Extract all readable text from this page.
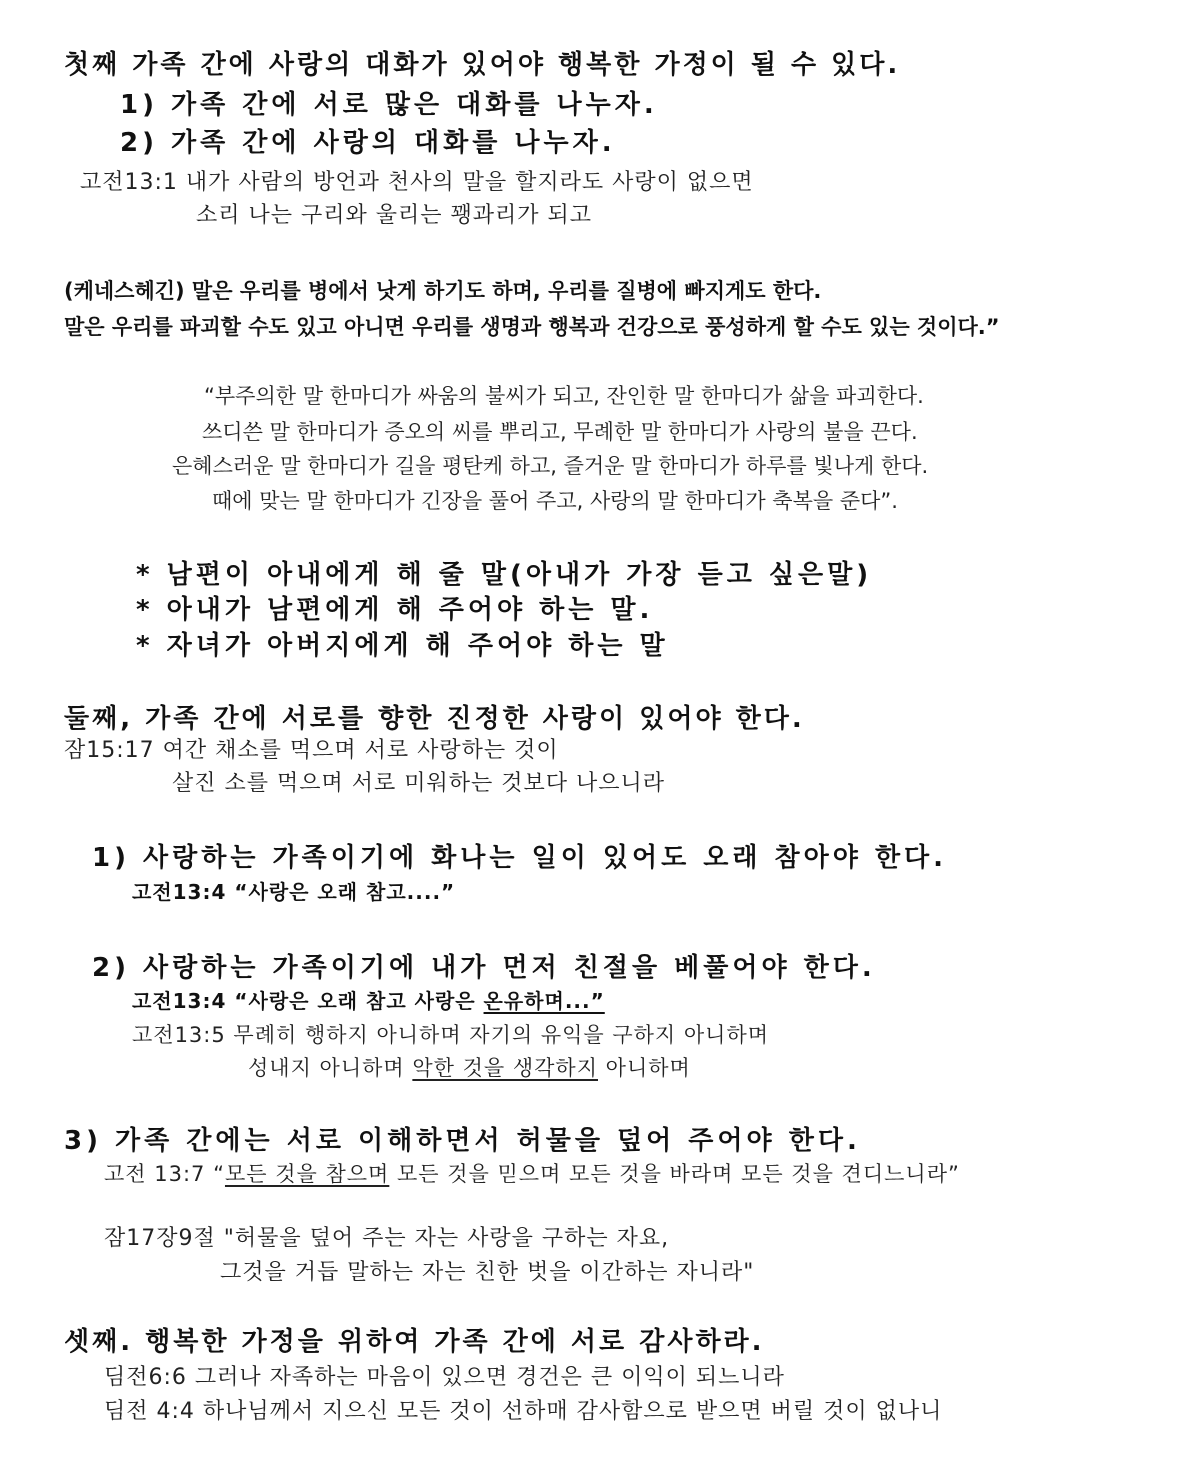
첫째 가족 간에 사랑의 대화가 있어야 행복한 가정이 될 수 있다.
1) 가족 간에 서로 많은 대화를 나누자.
2) 가족 간에 사랑의 대화를 나누자.
고전13:1 내가 사람의 방언과 천사의 말을 할지라도 사랑이 없으면
소리 나는 구리와 울리는 꽹과리가 되고
(케네스헤긴) 말은 우리를 병에서 낫게 하기도 하며, 우리를 질병에 빠지게도 한다.
말은 우리를 파괴할 수도 있고 아니면 우리를 생명과 행복과 건강으로 풍성하게 할 수도 있는 것이다.”
“부주의한 말 한마디가 싸움의 불씨가 되고, 잔인한 말 한마디가 삶을 파괴한다.
쓰디쓴 말 한마디가 증오의 씨를 뿌리고, 무례한 말 한마디가 사랑의 불을 끈다.
은혜스러운 말 한마디가 길을 평탄케 하고, 즐거운 말 한마디가 하루를 빛나게 한다.
때에 맞는 말 한마디가 긴장을 풀어 주고, 사랑의 말 한마디가 축복을 준다”.
* 남편이 아내에게 해 줄 말(아내가 가장 듣고 싶은말)
* 아내가 남편에게 해 주어야 하는 말.
* 자녀가 아버지에게 해 주어야 하는 말
둘째, 가족 간에 서로를 향한 진정한 사랑이 있어야 한다.
잠15:17 여간 채소를 먹으며 서로 사랑하는 것이
살진 소를 먹으며 서로 미워하는 것보다 나으니라
1) 사랑하는 가족이기에 화나는 일이 있어도 오래 참아야 한다.
고전13:4 “사랑은 오래 참고....”
2) 사랑하는 가족이기에 내가 먼저 친절을 베풀어야 한다.
고전13:4 “사랑은 오래 참고 사랑은 온유하며...”
고전13:5 무례히 행하지 아니하며 자기의 유익을 구하지 아니하며
성내지 아니하며 악한 것을 생각하지 아니하며
3) 가족 간에는 서로 이해하면서 허물을 덮어 주어야 한다.
고전 13:7 “모든 것을 참으며 모든 것을 믿으며 모든 것을 바라며 모든 것을 견디느니라”
잠17장9절 "허물을 덮어 주는 자는 사랑을 구하는 자요,
그것을 거듭 말하는 자는 친한 벗을 이간하는 자니라"
셋째. 행복한 가정을 위하여 가족 간에 서로 감사하라.
딤전6:6 그러나 자족하는 마음이 있으면 경건은 큰 이익이 되느니라
딤전 4:4 하나님께서 지으신 모든 것이 선하매 감사함으로 받으면 버릴 것이 없나니
